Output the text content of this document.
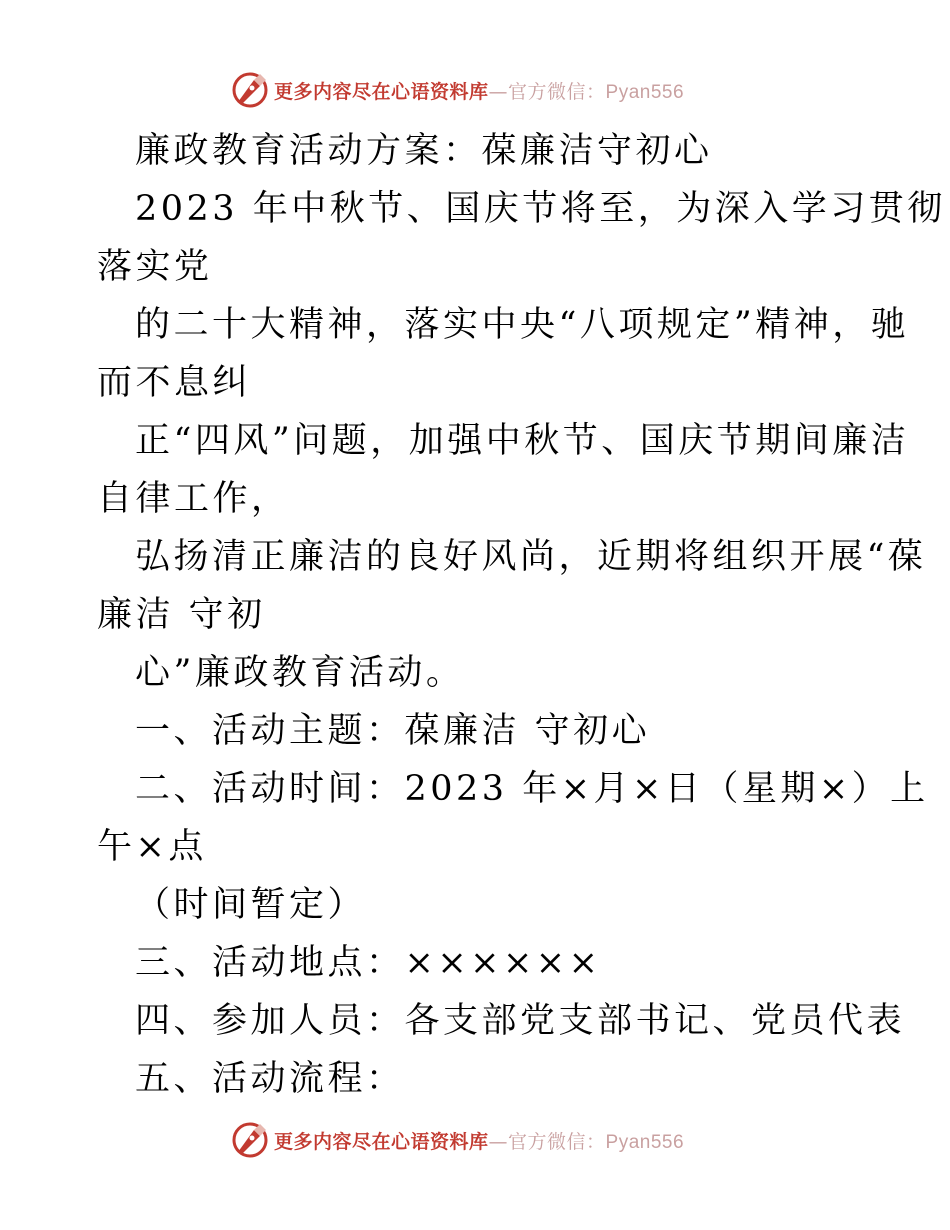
更多内容尽在心语资料库—官方微信：Pyan556
廉政教育活动方案：葆廉洁守初心
2023 年中秋节、国庆节将至，为深入学习贯彻
落实党
的二十大精神，落实中央“八项规定”精神，驰
而不息纠
正“四风”问题，加强中秋节、国庆节期间廉洁
自律工作，
弘扬清正廉洁的良好风尚，近期将组织开展“葆
廉洁 守初
心”廉政教育活动。
一、活动主题：葆廉洁 守初心
二、活动时间：2023 年×月×日（星期×）上
午×点
（时间暂定）
三、活动地点：××××××
四、参加人员：各支部党支部书记、党员代表
五、活动流程：
更多内容尽在心语资料库—官方微信：Pyan556
